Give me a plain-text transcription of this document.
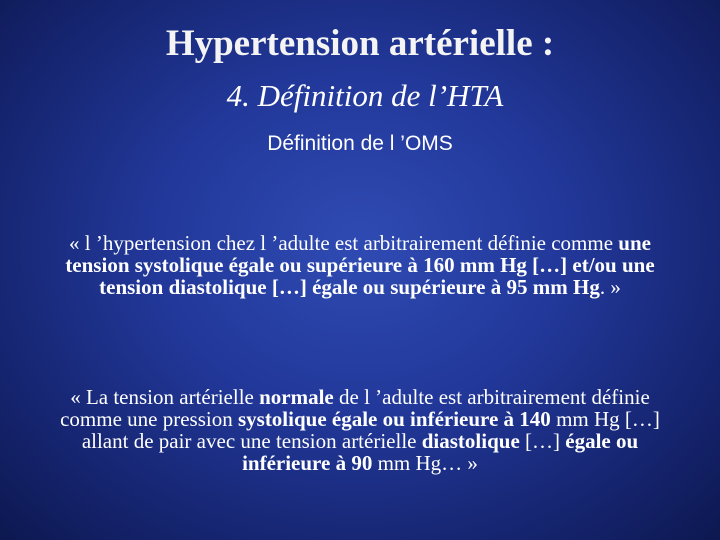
Hypertension artérielle :
4. Définition de l’HTA
Définition de l ’OMS
« l ’hypertension chez l ’adulte est arbitrairement définie comme une tension systolique égale ou supérieure à 160 mm Hg […] et/ou une tension diastolique […] égale ou supérieure à 95 mm Hg. »
« La tension artérielle normale de l ’adulte est arbitrairement définie comme une pression systolique égale ou inférieure à 140 mm Hg […] allant de pair avec une tension artérielle diastolique […] égale ou inférieure à 90 mm Hg… »
